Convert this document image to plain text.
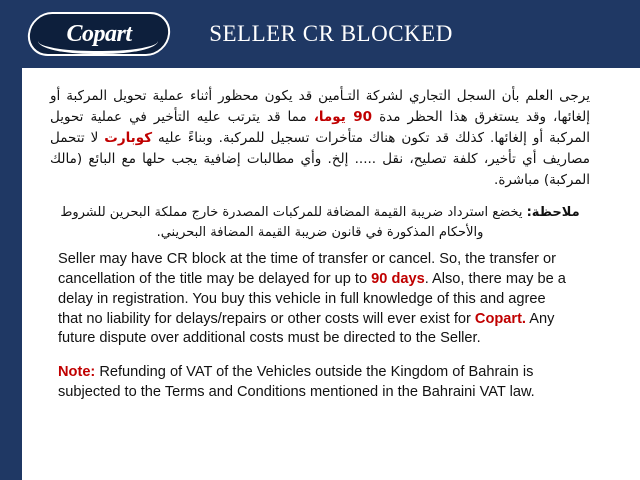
SELLER CR BLOCKED
Copart
يرجى العلم بأن السجل التجاري لشركة التـأمين قد يكون محظور أثناء عملية تحويل المركبة أو إلغائها، وقد يستغرق هذا الحظر مدة 90 يوما، مما قد يترتب عليه التأخير في عملية تحويل المركبة أو إلغائها. كذلك قد تكون هناك متأخرات تسجيل للمركبة. وبناءً عليه كوبارت لا تتحمل مصاريف أي تأخير، كلفة تصليح، نقل ..... إلخ. وأي مطالبات إضافية يجب حلها مع البائع (مالك المركبة) مباشرة.
ملاحظة: يخضع استرداد ضريبة القيمة المضافة للمركبات المصدرة خارج مملكة البحرين للشروط والأحكام المذكورة في قانون ضريبة القيمة المضافة البحريني.

Seller may have CR block at the time of transfer or cancel. So, the transfer or cancellation of the title may be delayed for up to 90 days. Also, there may be a delay in registration. You buy this vehicle in full knowledge of this and agree that no liability for delays/repairs or other costs will ever exist for Copart. Any future dispute over additional costs must be directed to the Seller.

Note: Refunding of VAT of the Vehicles outside the Kingdom of Bahrain is subjected to the Terms and Conditions mentioned in the Bahraini VAT law.
